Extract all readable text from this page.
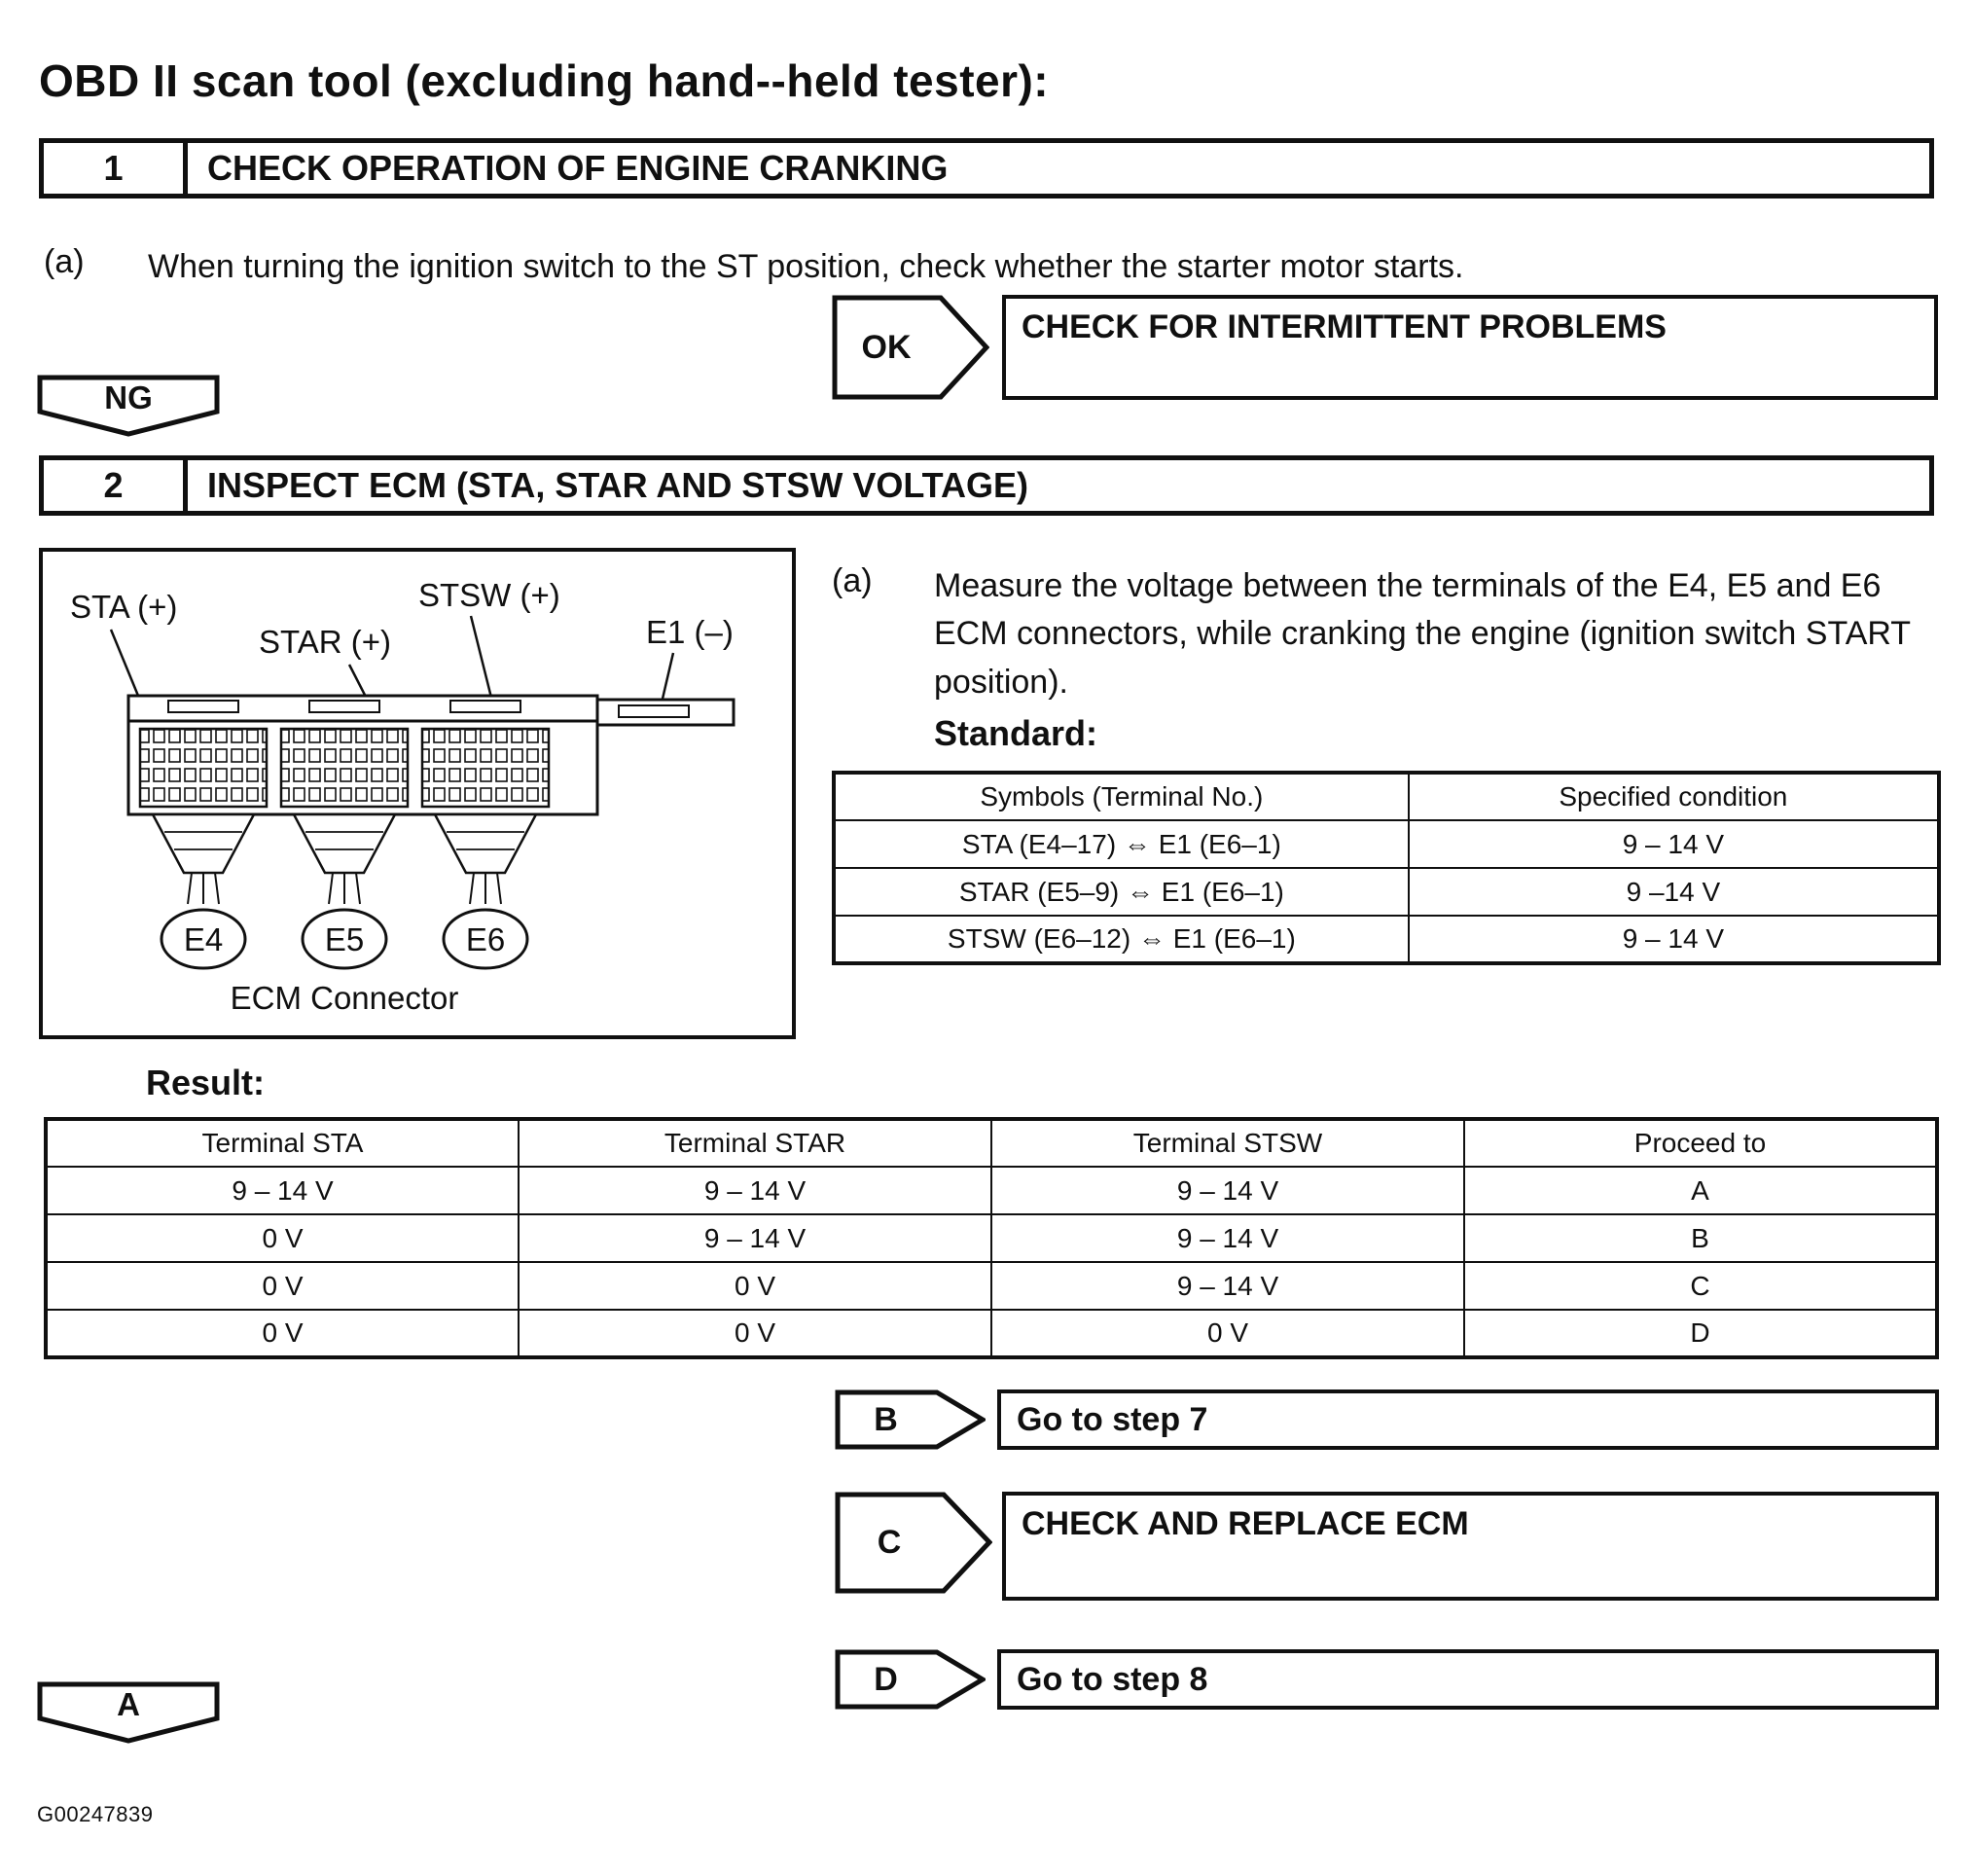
OBD II scan tool (excluding hand--held tester):
1	CHECK OPERATION OF ENGINE CRANKING
(a) When turning the ignition switch to the ST position, check whether the starter motor starts.
OK
CHECK FOR INTERMITTENT PROBLEMS
NG
2	INSPECT ECM (STA, STAR AND STSW VOLTAGE)
STA (+)
STAR (+)
STSW (+)
E1 (–)
E4	E5	E6
ECM Connector
(a) Measure the voltage between the terminals of the E4, E5 and E6 ECM connectors, while cranking the engine (ignition switch START position).
Standard:
Symbols (Terminal No.)	Specified condition
STA (E4–17) ⇔ E1 (E6–1)	9 – 14 V
STAR (E5–9) ⇔ E1 (E6–1)	9 –14 V
STSW (E6–12) ⇔ E1 (E6–1)	9 – 14 V
Result:
Terminal STA	Terminal STAR	Terminal STSW	Proceed to
9 – 14 V	9 – 14 V	9 – 14 V	A
0 V	9 – 14 V	9 – 14 V	B
0 V	0 V	9 – 14 V	C
0 V	0 V	0 V	D
B	Go to step 7
C	CHECK AND REPLACE ECM
D	Go to step 8
A
G00247839
